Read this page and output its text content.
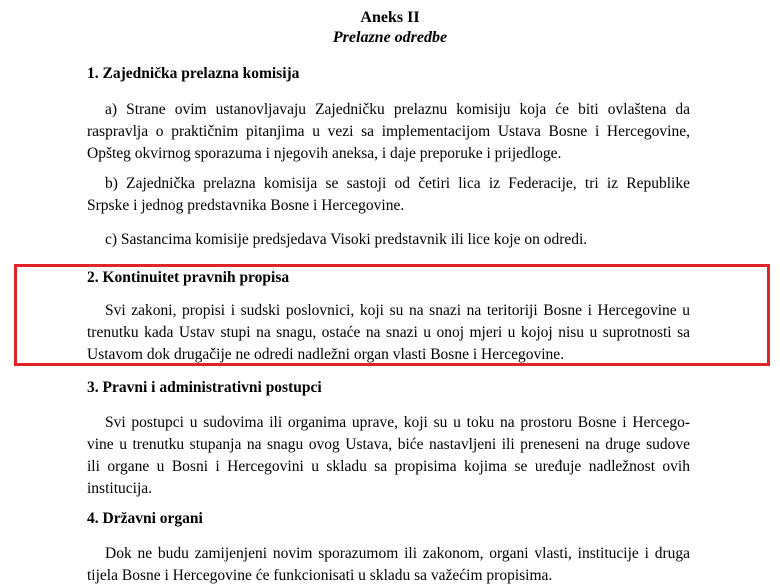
Aneks II
Prelazne odredbe
1. Zajednička prelazna komisija
a) Strane ovim ustanovljavaju Zajedničku prelaznu komisiju koja će biti ovlaštena da
raspravlja o praktičnim pitanjima u vezi sa implementacijom Ustava Bosne i Hercegovine,
Opšteg okvirnog sporazuma i njegovih aneksa, i daje preporuke i prijedloge.
b) Zajednička prelazna komisija se sastoji od četiri lica iz Federacije, tri iz Republike
Srpske i jednog predstavnika Bosne i Hercegovine.
c) Sastancima komisije predsjedava Visoki predstavnik ili lice koje on odredi.
2. Kontinuitet pravnih propisa
Svi zakoni, propisi i sudski poslovnici, koji su na snazi na teritoriji Bosne i Hercegovine u
trenutku kada Ustav stupi na snagu, ostaće na snazi u onoj mjeri u kojoj nisu u suprotnosti sa
Ustavom dok drugačije ne odredi nadležni organ vlasti Bosne i Hercegovine.
3. Pravni i administrativni postupci
Svi postupci u sudovima ili organima uprave, koji su u toku na prostoru Bosne i Hercego-
vine u trenutku stupanja na snagu ovog Ustava, biće nastavljeni ili preneseni na druge sudove
ili organe u Bosni i Hercegovini u skladu sa propisima kojima se uređuje nadležnost ovih
institucija.
4. Državni organi
Dok ne budu zamijenjeni novim sporazumom ili zakonom, organi vlasti, institucije i druga
tijela Bosne i Hercegovine će funkcionisati u skladu sa važećim propisima.
